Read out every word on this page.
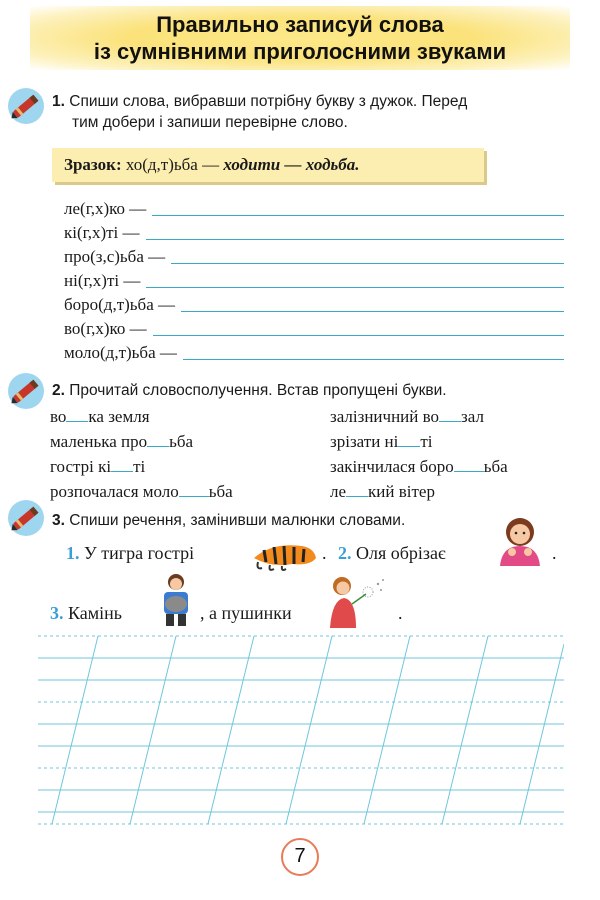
Правильно записуй слова
із сумнівними приголосними звуками
1. Спиши слова, вибравши потрібну букву з дужок. Перед
тим добери і запиши перевірне слово.
Зразок: хо(д,т)ьба — ходити — ходьба.
ле(г,х)ко —
кі(г,х)ті —
про(з,с)ьба —
ні(г,х)ті —
боро(д,т)ьба —
во(г,х)ко —
моло(д,т)ьба —
2. Прочитай словосполучення. Встав пропущені букви.
во ка земля
маленька про ьба
гострі кі ті
розпочалася моло ьба
залізничний во зал
зрізати ні ті
закінчилася боро ьба
ле кий вітер
3. Спиши речення, замінивши малюнки словами.
1. У тигра гострі	. 2. Оля обрізає	.
3. Камінь	, а пушинки	.
7
